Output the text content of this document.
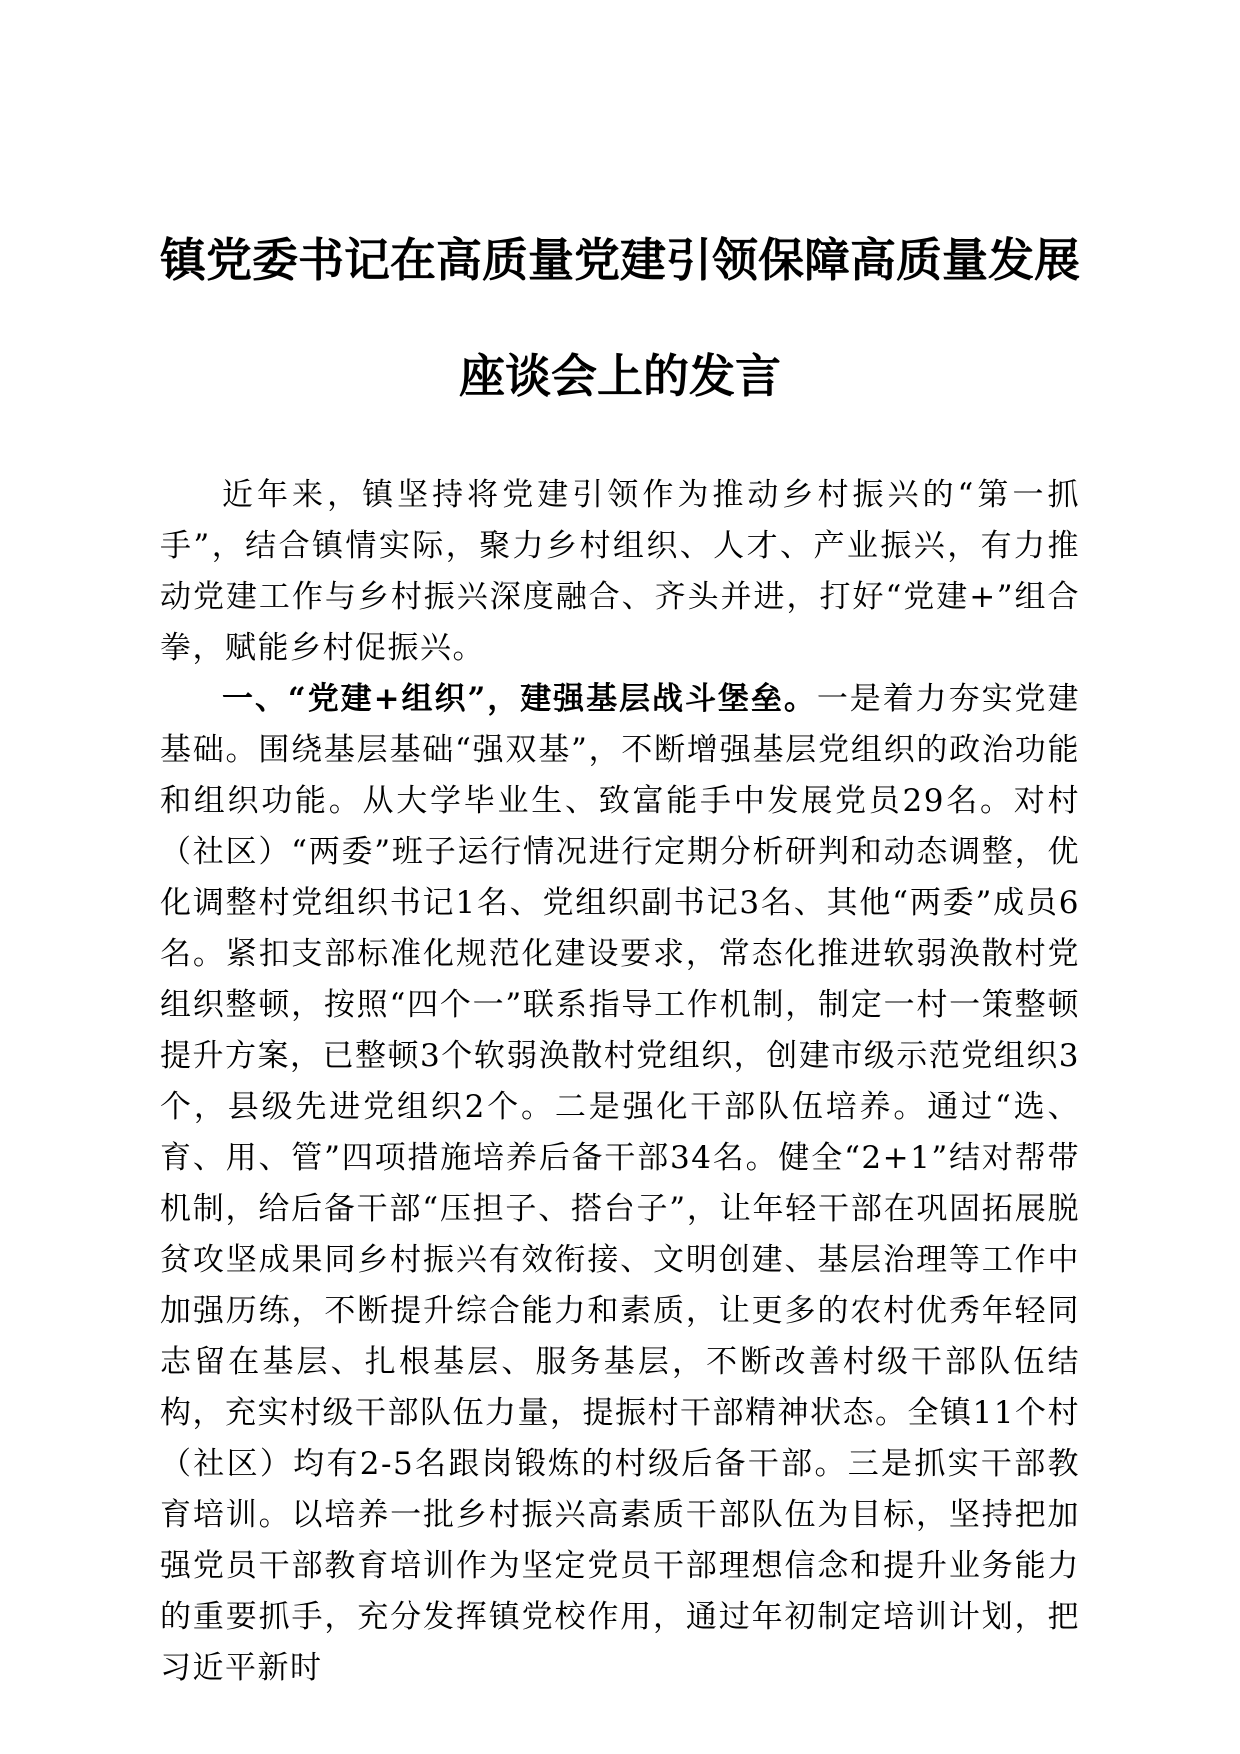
镇党委书记在高质量党建引领保障高质量发展
座谈会上的发言

近年来，镇坚持将党建引领作为推动乡村振兴的“第一抓手”，结合镇情实际，聚力乡村组织、人才、产业振兴，有力推动党建工作与乡村振兴深度融合、齐头并进，打好“党建+”组合拳，赋能乡村促振兴。

一、“党建+组织”，建强基层战斗堡垒。一是着力夯实党建基础。围绕基层基础“强双基”，不断增强基层党组织的政治功能和组织功能。从大学毕业生、致富能手中发展党员29名。对村（社区）“两委”班子运行情况进行定期分析研判和动态调整，优化调整村党组织书记1名、党组织副书记3名、其他“两委”成员6名。紧扣支部标准化规范化建设要求，常态化推进软弱涣散村党组织整顿，按照“四个一”联系指导工作机制，制定一村一策整顿提升方案，已整顿3个软弱涣散村党组织，创建市级示范党组织3个，县级先进党组织2个。二是强化干部队伍培养。通过“选、育、用、管”四项措施培养后备干部34名。健全“2+1”结对帮带机制，给后备干部“压担子、搭台子”，让年轻干部在巩固拓展脱贫攻坚成果同乡村振兴有效衔接、文明创建、基层治理等工作中加强历练，不断提升综合能力和素质，让更多的农村优秀年轻同志留在基层、扎根基层、服务基层，不断改善村级干部队伍结构，充实村级干部队伍力量，提振村干部精神状态。全镇11个村（社区）均有2-5名跟岗锻炼的村级后备干部。三是抓实干部教育培训。以培养一批乡村振兴高素质干部队伍为目标，坚持把加强党员干部教育培训作为坚定党员干部理想信念和提升业务能力的重要抓手，充分发挥镇党校作用，通过年初制定培训计划，把习近平新时
